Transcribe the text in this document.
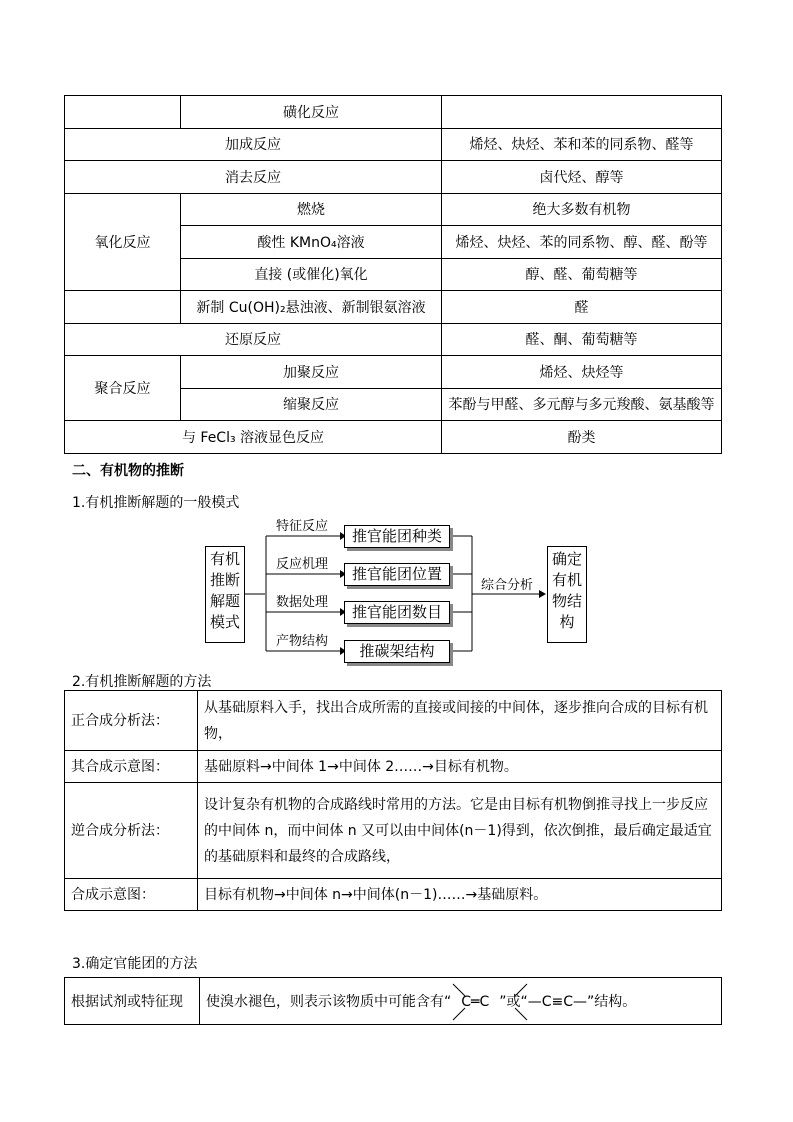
	磺化反应	
加成反应		烯烃、炔烃、苯和苯的同系物、醛等
消去反应		卤代烃、醇等
氧化反应	燃烧	绝大多数有机物
	酸性 KMnO₄溶液	烯烃、炔烃、苯的同系物、醇、醛、酚等
	直接 (或催化)氧化	醇、醛、葡萄糖等
	新制 Cu(OH)₂悬浊液、新制银氨溶液	醛
还原反应		醛、酮、葡萄糖等
聚合反应	加聚反应	烯烃、炔烃等
	缩聚反应	苯酚与甲醛、多元醇与多元羧酸、氨基酸等
与 FeCl₃ 溶液显色反应		酚类
二、有机物的推断
1.有机推断解题的一般模式
有机
推断
解题
模式
特征反应
反应机理
数据处理
产物结构
推官能团种类
推官能团位置
推官能团数目
推碳架结构
综合分析
确定
有机
物结
构
2.有机推断解题的方法
正合成分析法：	从基础原料入手，找出合成所需的直接或间接的中间体，逐步推向合成的目标有机物，
其合成示意图：	基础原料→中间体 1→中间体 2……→目标有机物。
逆合成分析法：	设计复杂有机物的合成路线时常用的方法。它是由目标有机物倒推寻找上一步反应的中间体 n，而中间体 n 又可以由中间体(n－1)得到，依次倒推，最后确定最适宜的基础原料和最终的合成路线，
合成示意图：	目标有机物→中间体 n→中间体(n－1)……→基础原料。
3.确定官能团的方法
根据试剂或特征现	使溴水褪色，则表示该物质中可能含有“ C═C ”或“—C≡C—”结构。
